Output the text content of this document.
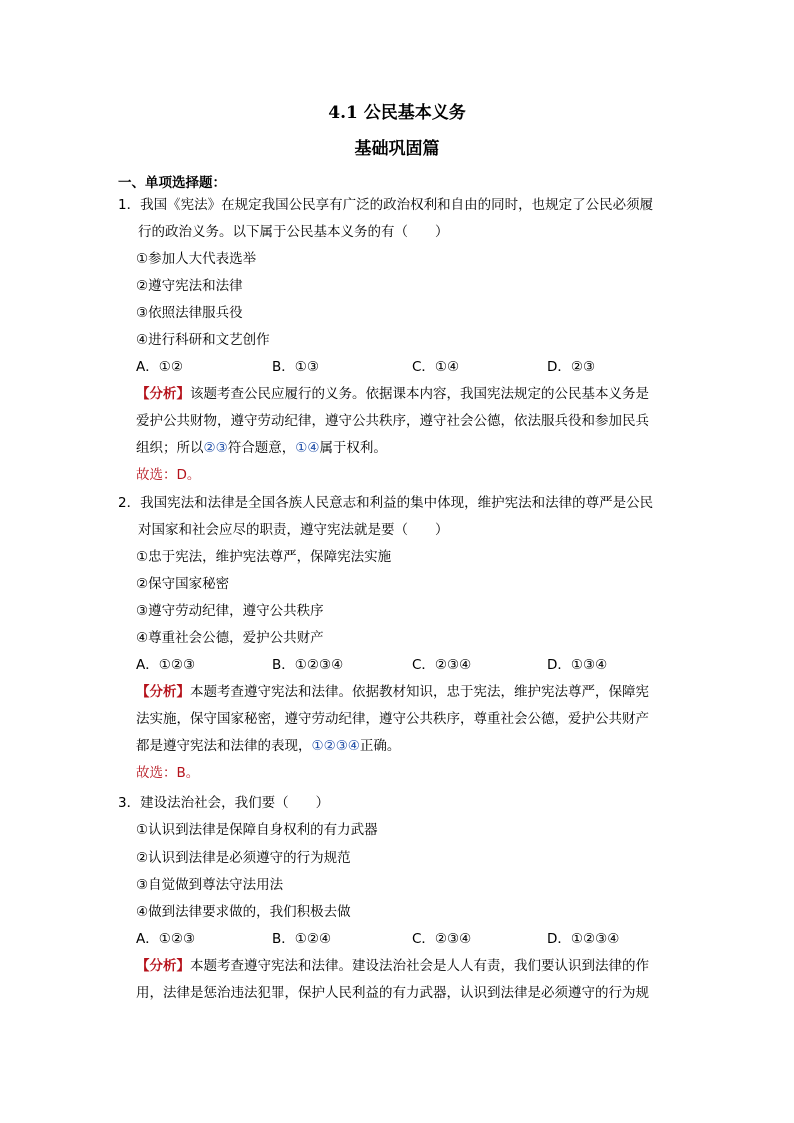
4.1 公民基本义务
基础巩固篇
一、单项选择题：
1．我国《宪法》在规定我国公民享有广泛的政治权利和自由的同时，也规定了公民必须履
行的政治义务。以下属于公民基本义务的有（　　）
①参加人大代表选举
②遵守宪法和法律
③依照法律服兵役
④进行科研和文艺创作
A．①②	B．①③	C．①④	D．②③
【分析】该题考查公民应履行的义务。依据课本内容，我国宪法规定的公民基本义务是
爱护公共财物，遵守劳动纪律，遵守公共秩序，遵守社会公德，依法服兵役和参加民兵
组织；所以②③符合题意，①④属于权利。
故选：D。
2．我国宪法和法律是全国各族人民意志和利益的集中体现，维护宪法和法律的尊严是公民
对国家和社会应尽的职责，遵守宪法就是要（　　）
①忠于宪法，维护宪法尊严，保障宪法实施
②保守国家秘密
③遵守劳动纪律，遵守公共秩序
④尊重社会公德，爱护公共财产
A．①②③	B．①②③④	C．②③④	D．①③④
【分析】本题考查遵守宪法和法律。依据教材知识，忠于宪法，维护宪法尊严，保障宪
法实施，保守国家秘密，遵守劳动纪律，遵守公共秩序，尊重社会公德，爱护公共财产
都是遵守宪法和法律的表现，①②③④正确。
故选：B。
3．建设法治社会，我们要（　　）
①认识到法律是保障自身权利的有力武器
②认识到法律是必须遵守的行为规范
③自觉做到尊法守法用法
④做到法律要求做的，我们积极去做
A．①②③	B．①②④	C．②③④	D．①②③④
【分析】本题考查遵守宪法和法律。建设法治社会是人人有责，我们要认识到法律的作
用，法律是惩治违法犯罪，保护人民利益的有力武器，认识到法律是必须遵守的行为规
